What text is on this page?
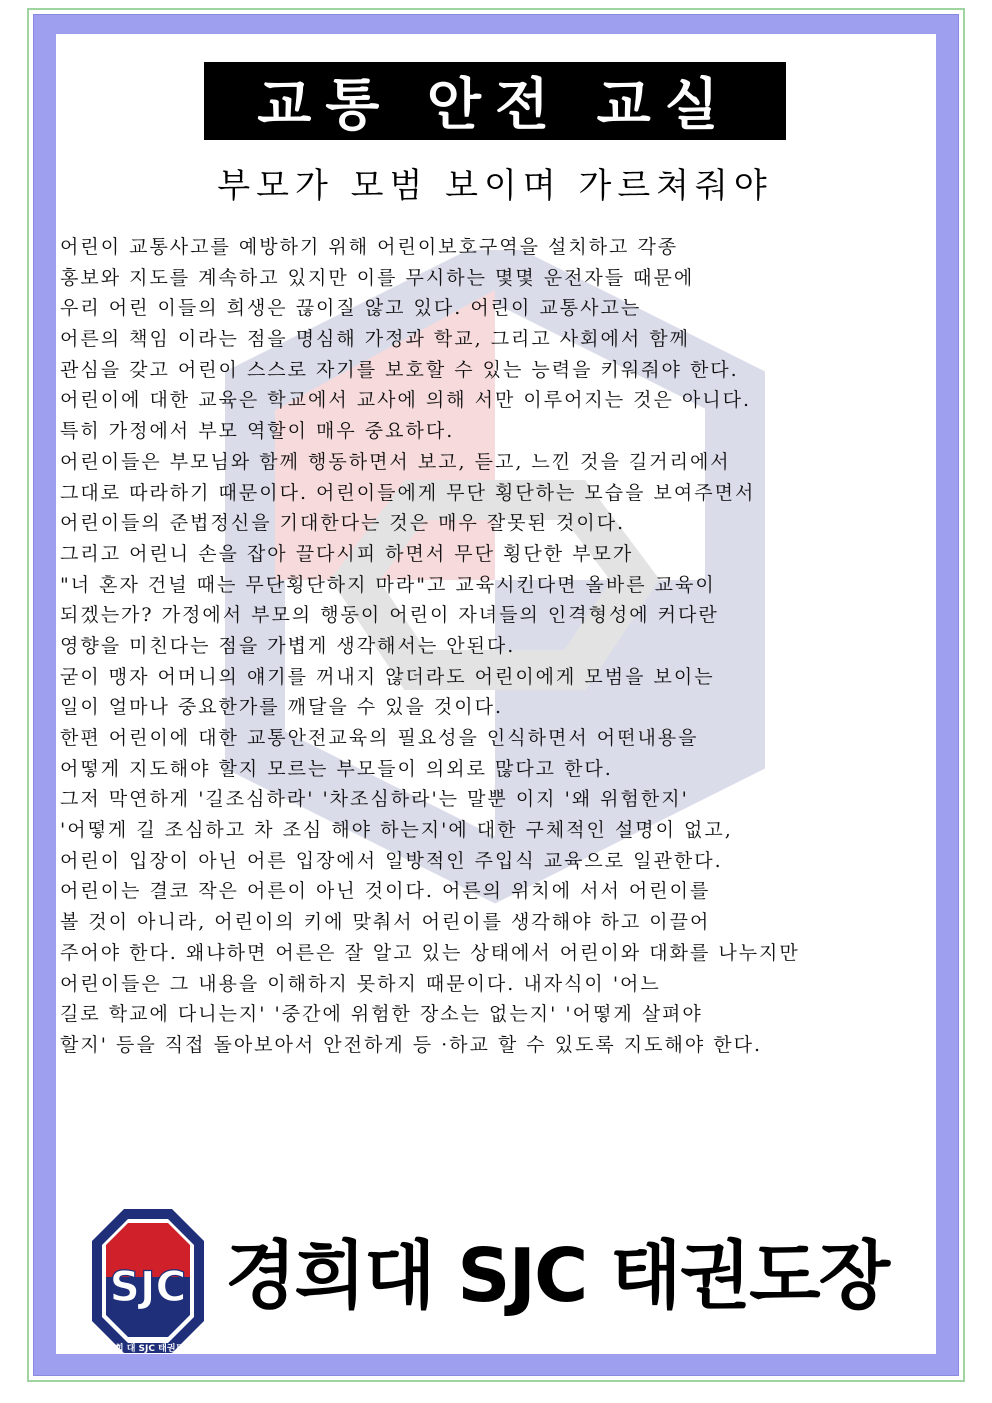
교통 안전 교실
부모가 모범 보이며 가르쳐줘야
어린이 교통사고를 예방하기 위해 어린이보호구역을 설치하고 각종
홍보와 지도를 계속하고 있지만 이를 무시하는 몇몇 운전자들 때문에
우리 어린 이들의 희생은 끊이질 않고 있다. 어린이 교통사고는
어른의 책임 이라는 점을 명심해 가정과 학교, 그리고 사회에서 함께
관심을 갖고 어린이 스스로 자기를 보호할 수 있는 능력을 키워줘야 한다.
어린이에 대한 교육은 학교에서 교사에 의해 서만 이루어지는 것은 아니다.
특히 가정에서 부모 역할이 매우 중요하다.
어린이들은 부모님와 함께 행동하면서 보고, 듣고, 느낀 것을 길거리에서
그대로 따라하기 때문이다. 어린이들에게 무단 횡단하는 모습을 보여주면서
어린이들의 준법정신을 기대한다는 것은 매우 잘못된 것이다.
그리고 어린니 손을 잡아 끌다시피 하면서 무단 횡단한 부모가
"너 혼자 건널 때는 무단횡단하지 마라"고 교육시킨다면 올바른 교육이
되겠는가? 가정에서 부모의 행동이 어린이 자녀들의 인격형성에 커다란
영향을 미친다는 점을 가볍게 생각해서는 안된다.
굳이 맹자 어머니의 얘기를 꺼내지 않더라도 어린이에게 모범을 보이는
일이 얼마나 중요한가를 깨달을 수 있을 것이다.
한편 어린이에 대한 교통안전교육의 필요성을 인식하면서 어떤내용을
어떻게 지도해야 할지 모르는 부모들이 의외로 많다고 한다.
그저 막연하게 '길조심하라' '차조심하라'는 말뿐 이지 '왜 위험한지'
'어떻게 길 조심하고 차 조심 해야 하는지'에 대한 구체적인 설명이 없고,
어린이 입장이 아닌 어른 입장에서 일방적인 주입식 교육으로 일관한다.
어린이는 결코 작은 어른이 아닌 것이다. 어른의 위치에 서서 어린이를
볼 것이 아니라, 어린이의 키에 맞춰서 어린이를 생각해야 하고 이끌어
주어야 한다. 왜냐하면 어른은 잘 알고 있는 상태에서 어린이와 대화를 나누지만
어린이들은 그 내용을 이해하지 못하지 때문이다. 내자식이 '어느
길로 학교에 다니는지' '중간에 위험한 장소는 없는지' '어떻게 살펴야
할지' 등을 직접 돌아보아서 안전하게 등 ·하교 할 수 있도록 지도해야 한다.
SJC
경 희 대 SJC 태권도장
경희대 SJC 태권도장
